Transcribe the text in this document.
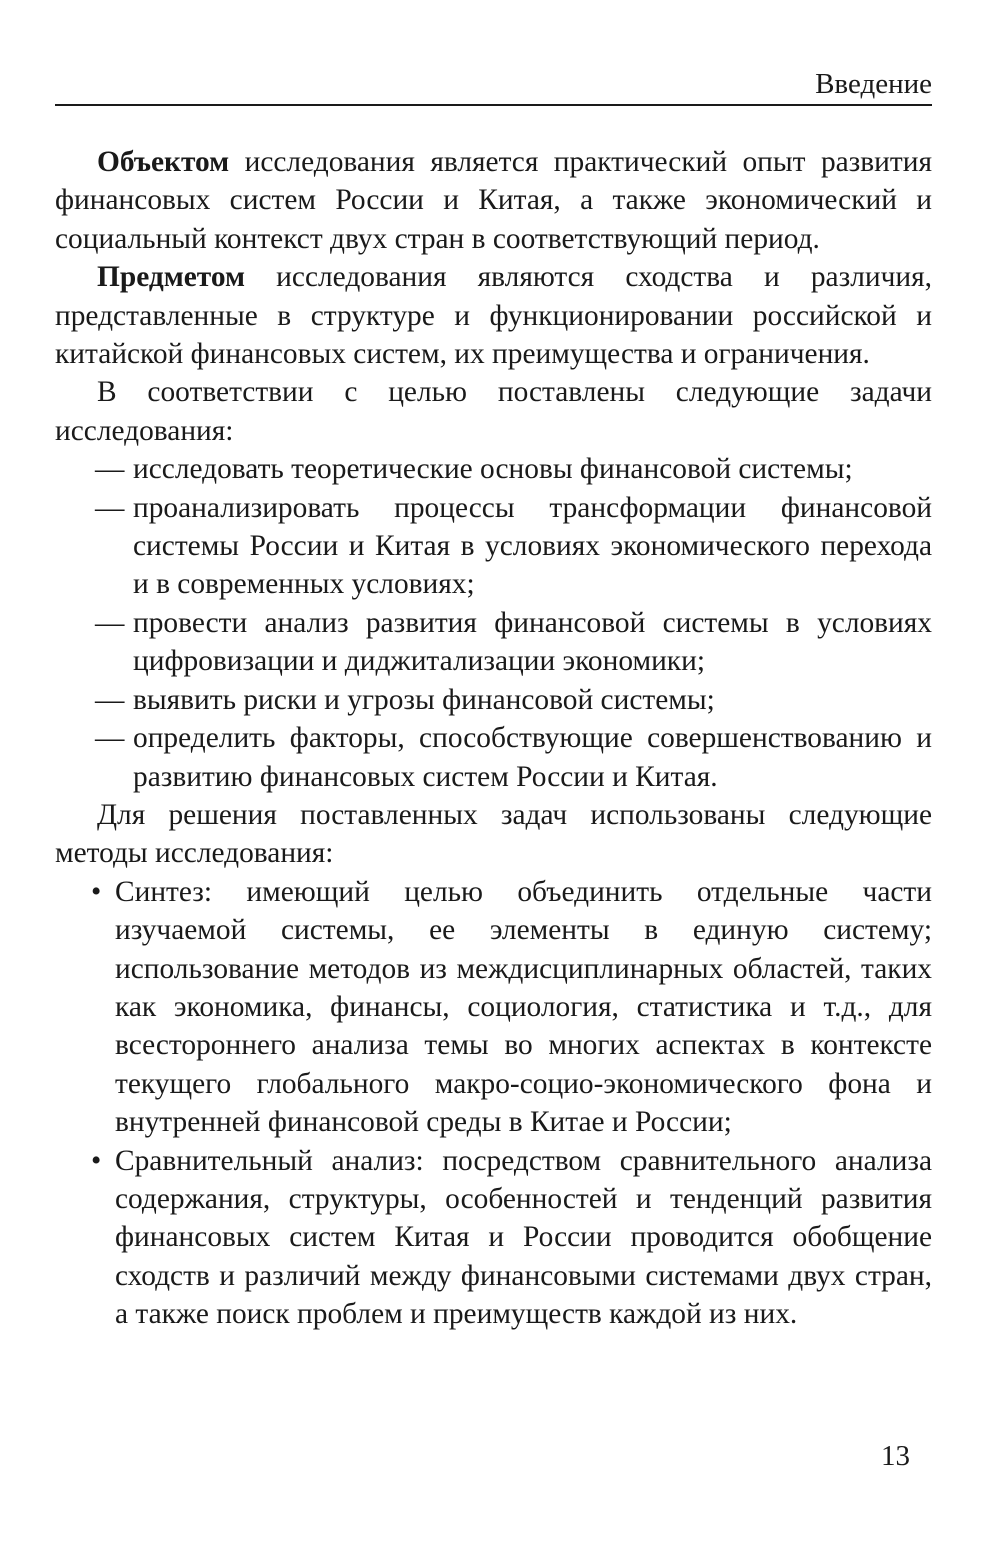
Введение

Объектом исследования является практический опыт развития финансовых систем России и Китая, а также экономический и социальный контекст двух стран в соответствующий период.

Предметом исследования являются сходства и различия, представленные в структуре и функционировании российской и китайской финансовых систем, их преимущества и ограничения.

В соответствии с целью поставлены следующие задачи исследования:

— исследовать теоретические основы финансовой системы;
— проанализировать процессы трансформации финансовой системы России и Китая в условиях экономического перехода и в современных условиях;
— провести анализ развития финансовой системы в условиях цифровизации и диджитализации экономики;
— выявить риски и угрозы финансовой системы;
— определить факторы, способствующие совершенствованию и развитию финансовых систем России и Китая.

Для решения поставленных задач использованы следующие методы исследования:

• Синтез: имеющий целью объединить отдельные части изучаемой системы, ее элементы в единую систему; использование методов из междисциплинарных областей, таких как экономика, финансы, социология, статистика и т.д., для всестороннего анализа темы во многих аспектах в контексте текущего глобального макро-социо-экономического фона и внутренней финансовой среды в Китае и России;
• Сравнительный анализ: посредством сравнительного анализа содержания, структуры, особенностей и тенденций развития финансовых систем Китая и России проводится обобщение сходств и различий между финансовыми системами двух стран, а также поиск проблем и преимуществ каждой из них.
13
